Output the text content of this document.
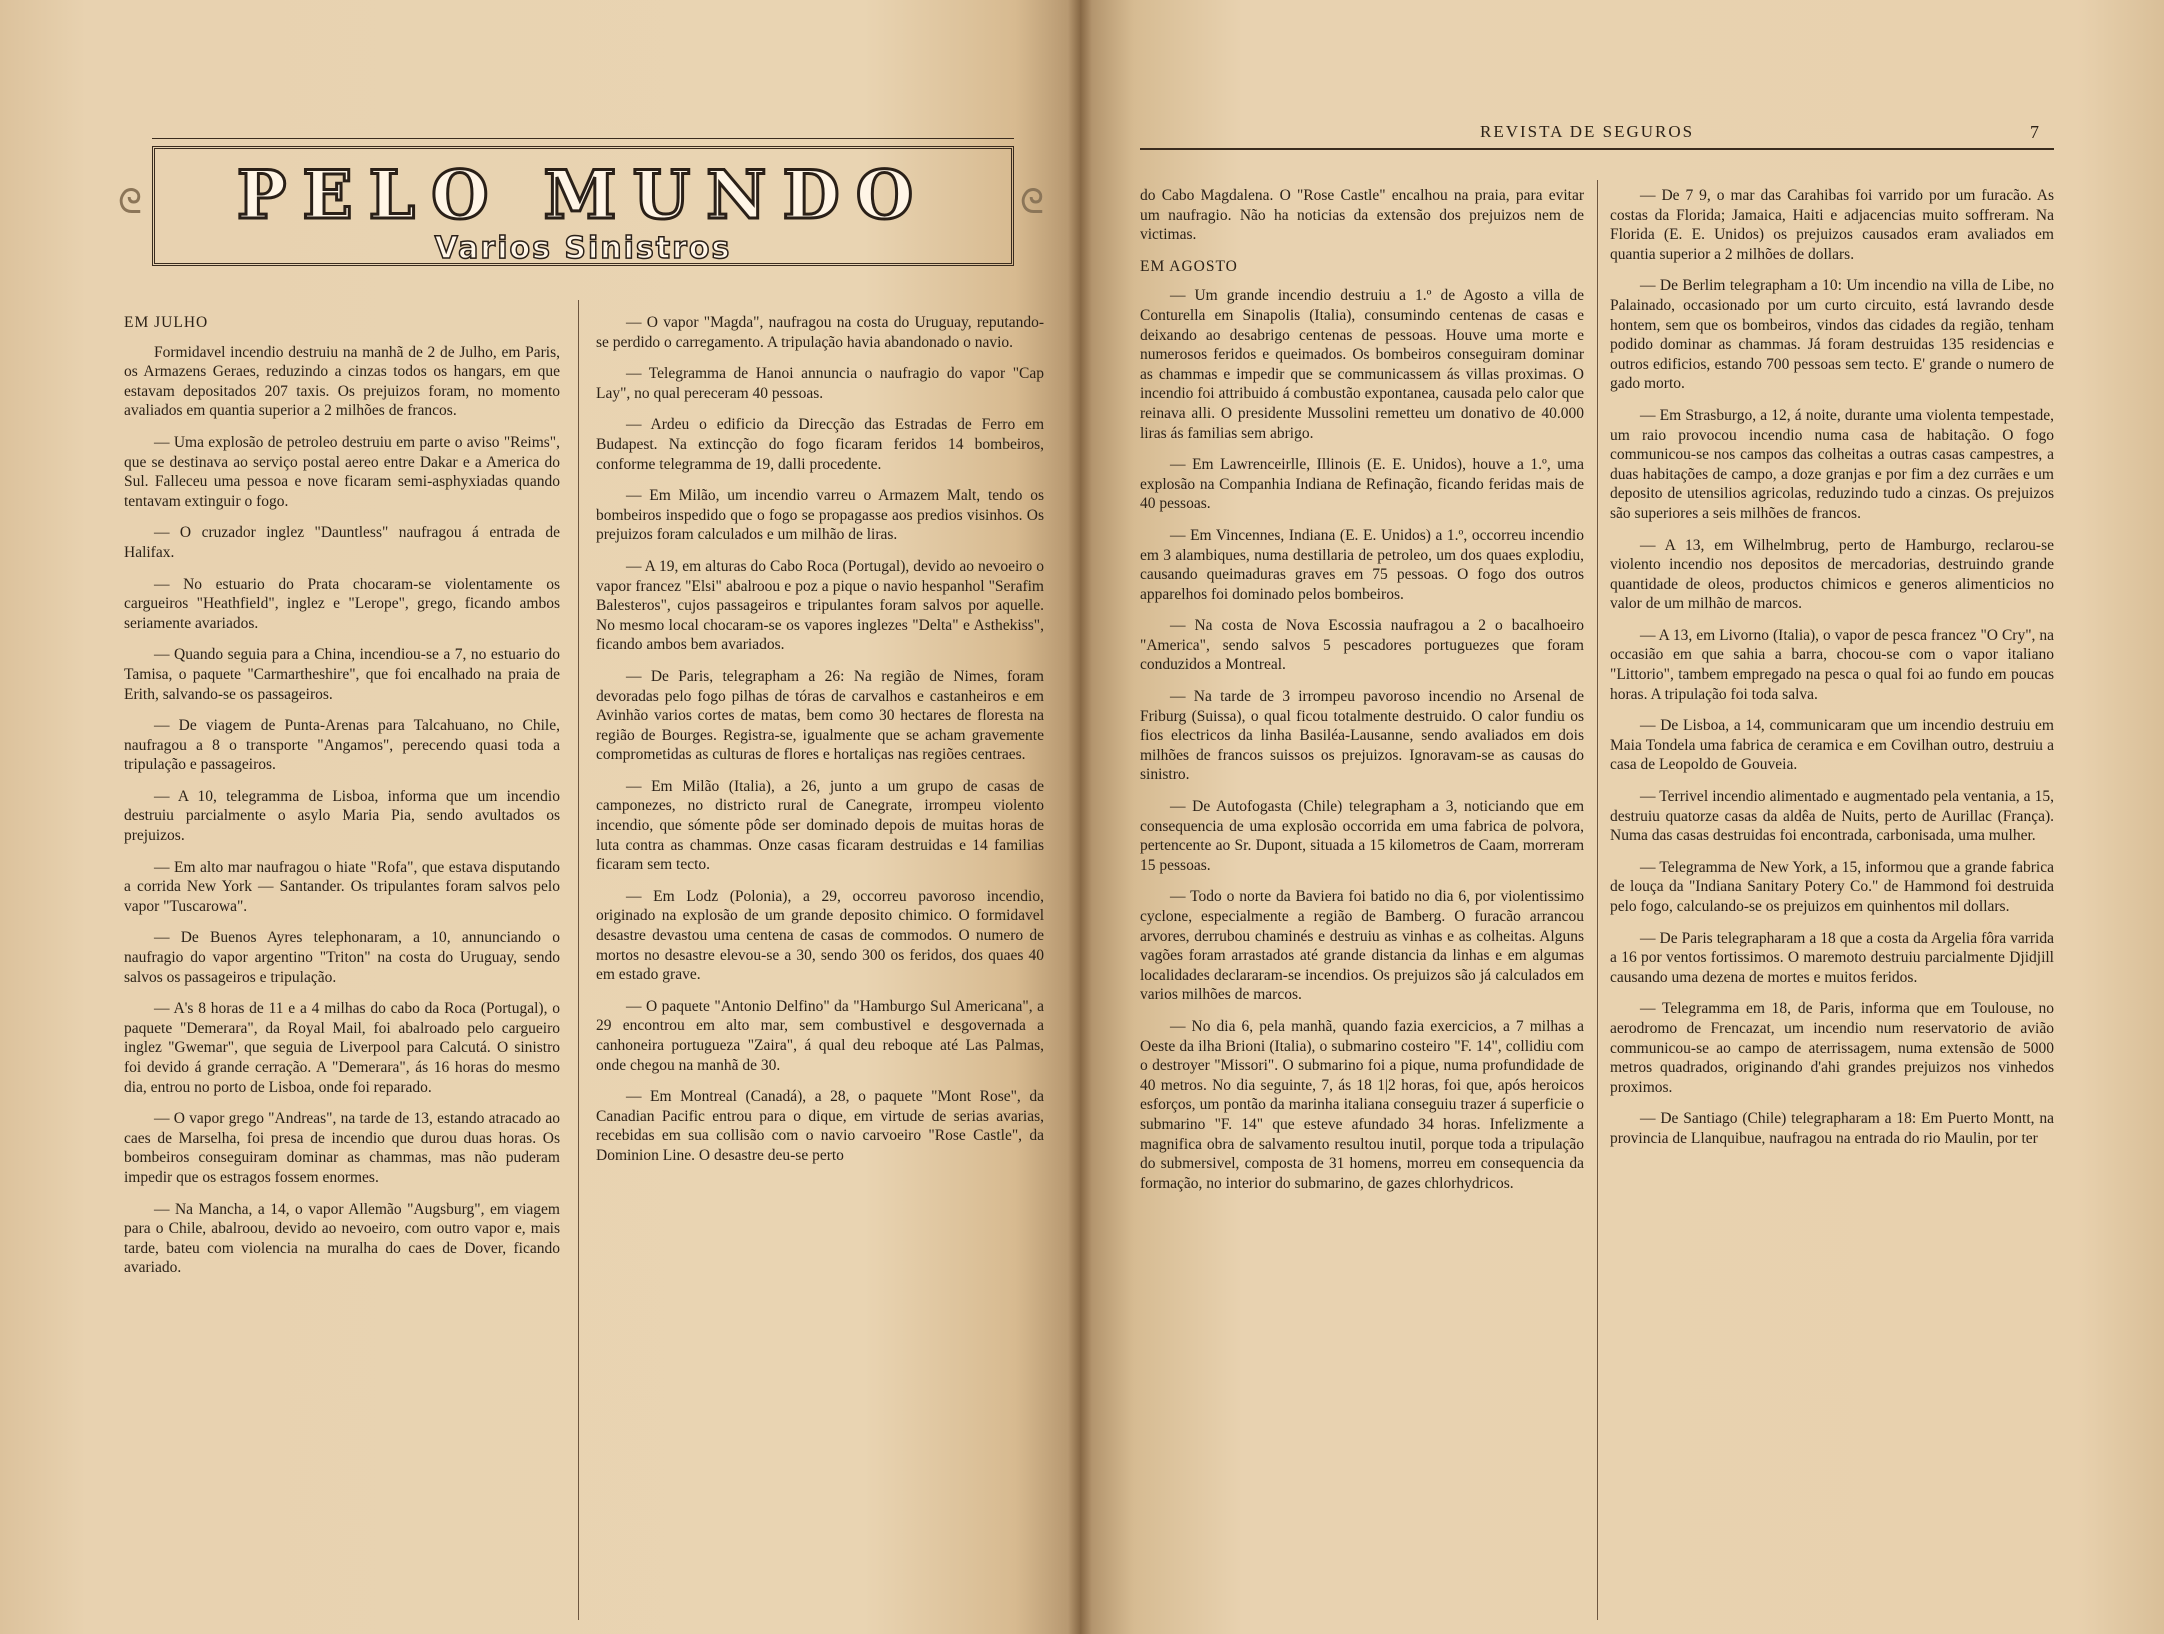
PELO MUNDO
Varios Sinistros
ᘓ	ᘓ
EM JULHO

Formidavel incendio destruiu na manhã de 2 de Julho, em Paris, os Armazens Geraes, reduzindo a cinzas todos os hangars, em que estavam depositados 207 taxis. Os prejuizos foram, no momento avaliados em quantia superior a 2 milhões de francos.

— Uma explosão de petroleo destruiu em parte o aviso "Reims", que se destinava ao serviço postal aereo entre Dakar e a America do Sul. Falleceu uma pessoa e nove ficaram semi-asphyxiadas quando tentavam extinguir o fogo.

— O cruzador inglez "Dauntless" naufragou á entrada de Halifax.

— No estuario do Prata chocaram-se violentamente os cargueiros "Heathfield", inglez e "Lerope", grego, ficando ambos seriamente avariados.

— Quando seguia para a China, incendiou-se a 7, no estuario do Tamisa, o paquete "Carmartheshire", que foi encalhado na praia de Erith, salvando-se os passageiros.

— De viagem de Punta-Arenas para Talcahuano, no Chile, naufragou a 8 o transporte "Angamos", perecendo quasi toda a tripulação e passageiros.

— A 10, telegramma de Lisboa, informa que um incendio destruiu parcialmente o asylo Maria Pia, sendo avultados os prejuizos.

— Em alto mar naufragou o hiate "Rofa", que estava disputando a corrida New York — Santander. Os tripulantes foram salvos pelo vapor "Tuscarowa".

— De Buenos Ayres telephonaram, a 10, annunciando o naufragio do vapor argentino "Triton" na costa do Uruguay, sendo salvos os passageiros e tripulação.

— A's 8 horas de 11 e a 4 milhas do cabo da Roca (Portugal), o paquete "Demerara", da Royal Mail, foi abalroado pelo cargueiro inglez "Gwemar", que seguia de Liverpool para Calcutá. O sinistro foi devido á grande cerração. A "Demerara", ás 16 horas do mesmo dia, entrou no porto de Lisboa, onde foi reparado.

— O vapor grego "Andreas", na tarde de 13, estando atracado ao caes de Marselha, foi presa de incendio que durou duas horas. Os bombeiros conseguiram dominar as chammas, mas não puderam impedir que os estragos fossem enormes.

— Na Mancha, a 14, o vapor Allemão "Augsburg", em viagem para o Chile, abalroou, devido ao nevoeiro, com outro vapor e, mais tarde, bateu com violencia na muralha do caes de Dover, ficando avariado.

— O vapor "Magda", naufragou na costa do Uruguay, reputando-se perdido o carregamento. A tripulação havia abandonado o navio.

— Telegramma de Hanoi annuncia o naufragio do vapor "Cap Lay", no qual pereceram 40 pessoas.

— Ardeu o edificio da Direcção das Estradas de Ferro em Budapest. Na extincção do fogo ficaram feridos 14 bombeiros, conforme telegramma de 19, dalli procedente.

— Em Milão, um incendio varreu o Armazem Malt, tendo os bombeiros inspedido que o fogo se propagasse aos predios visinhos. Os prejuizos foram calculados e um milhão de liras.

— A 19, em alturas do Cabo Roca (Portugal), devido ao nevoeiro o vapor francez "Elsi" abalroou e poz a pique o navio hespanhol "Serafim Balesteros", cujos passageiros e tripulantes foram salvos por aquelle. No mesmo local chocaram-se os vapores inglezes "Delta" e Asthekiss", ficando ambos bem avariados.

— De Paris, telegrapham a 26: Na região de Nimes, foram devoradas pelo fogo pilhas de tóras de carvalhos e castanheiros e em Avinhão varios cortes de matas, bem como 30 hectares de floresta na região de Bourges. Registra-se, igualmente que se acham gravemente comprometidas as culturas de flores e hortaliças nas regiões centraes.

— Em Milão (Italia), a 26, junto a um grupo de casas de camponezes, no districto rural de Canegrate, irrompeu violento incendio, que sómente pôde ser dominado depois de muitas horas de luta contra as chammas. Onze casas ficaram destruidas e 14 familias ficaram sem tecto.

— Em Lodz (Polonia), a 29, occorreu pavoroso incendio, originado na explosão de um grande deposito chimico. O formidavel desastre devastou uma centena de casas de commodos. O numero de mortos no desastre elevou-se a 30, sendo 300 os feridos, dos quaes 40 em estado grave.

— O paquete "Antonio Delfino" da "Hamburgo Sul Americana", a 29 encontrou em alto mar, sem combustivel e desgovernada a canhoneira portugueza "Zaira", á qual deu reboque até Las Palmas, onde chegou na manhã de 30.

— Em Montreal (Canadá), a 28, o paquete "Mont Rose", da Canadian Pacific entrou para o dique, em virtude de serias avarias, recebidas em sua collisão com o navio carvoeiro "Rose Castle", da Dominion Line. O desastre deu-se perto

REVISTA DE SEGUROS	7

do Cabo Magdalena. O "Rose Castle" encalhou na praia, para evitar um naufragio. Não ha noticias da extensão dos prejuizos nem de victimas.

EM AGOSTO

— Um grande incendio destruiu a 1.º de Agosto a villa de Conturella em Sinapolis (Italia), consumindo centenas de casas e deixando ao desabrigo centenas de pessoas. Houve uma morte e numerosos feridos e queimados. Os bombeiros conseguiram dominar as chammas e impedir que se communicassem ás villas proximas. O incendio foi attribuido á combustão expontanea, causada pelo calor que reinava alli. O presidente Mussolini remetteu um donativo de 40.000 liras ás familias sem abrigo.

— Em Lawrenceirlle, Illinois (E. E. Unidos), houve a 1.º, uma explosão na Companhia Indiana de Refinação, ficando feridas mais de 40 pessoas.

— Em Vincennes, Indiana (E. E. Unidos) a 1.º, occorreu incendio em 3 alambiques, numa destillaria de petroleo, um dos quaes explodiu, causando queimaduras graves em 75 pessoas. O fogo dos outros apparelhos foi dominado pelos bombeiros.

— Na costa de Nova Escossia naufragou a 2 o bacalhoeiro "America", sendo salvos 5 pescadores portuguezes que foram conduzidos a Montreal.

— Na tarde de 3 irrompeu pavoroso incendio no Arsenal de Friburg (Suissa), o qual ficou totalmente destruido. O calor fundiu os fios electricos da linha Basiléa-Lausanne, sendo avaliados em dois milhões de francos suissos os prejuizos. Ignoravam-se as causas do sinistro.

— De Autofogasta (Chile) telegrapham a 3, noticiando que em consequencia de uma explosão occorrida em uma fabrica de polvora, pertencente ao Sr. Dupont, situada a 15 kilometros de Caam, morreram 15 pessoas.

— Todo o norte da Baviera foi batido no dia 6, por violentissimo cyclone, especialmente a região de Bamberg. O furacão arrancou arvores, derrubou chaminés e destruiu as vinhas e as colheitas. Alguns vagões foram arrastados até grande distancia da linhas e em algumas localidades declararam-se incendios. Os prejuizos são já calculados em varios milhões de marcos.

— No dia 6, pela manhã, quando fazia exercicios, a 7 milhas a Oeste da ilha Brioni (Italia), o submarino costeiro "F. 14", collidiu com o destroyer "Missori". O submarino foi a pique, numa profundidade de 40 metros. No dia seguinte, 7, ás 18 1|2 horas, foi que, após heroicos esforços, um pontão da marinha italiana conseguiu trazer á superficie o submarino "F. 14" que esteve afundado 34 horas. Infelizmente a magnifica obra de salvamento resultou inutil, porque toda a tripulação do submersivel, composta de 31 homens, morreu em consequencia da formação, no interior do submarino, de gazes chlorhydricos.

— De 7 9, o mar das Carahibas foi varrido por um furacão. As costas da Florida; Jamaica, Haiti e adjacencias muito soffreram. Na Florida (E. E. Unidos) os prejuizos causados eram avaliados em quantia superior a 2 milhões de dollars.

— De Berlim telegrapham a 10: Um incendio na villa de Libe, no Palainado, occasionado por um curto circuito, está lavrando desde hontem, sem que os bombeiros, vindos das cidades da região, tenham podido dominar as chammas. Já foram destruidas 135 residencias e outros edificios, estando 700 pessoas sem tecto. E' grande o numero de gado morto.

— Em Strasburgo, a 12, á noite, durante uma violenta tempestade, um raio provocou incendio numa casa de habitação. O fogo communicou-se nos campos das colheitas a outras casas campestres, a duas habitações de campo, a doze granjas e por fim a dez currães e um deposito de utensilios agricolas, reduzindo tudo a cinzas. Os prejuizos são superiores a seis milhões de francos.

— A 13, em Wilhelmbrug, perto de Hamburgo, reclarou-se violento incendio nos depositos de mercadorias, destruindo grande quantidade de oleos, productos chimicos e generos alimenticios no valor de um milhão de marcos.

— A 13, em Livorno (Italia), o vapor de pesca francez "O Cry", na occasião em que sahia a barra, chocou-se com o vapor italiano "Littorio", tambem empregado na pesca o qual foi ao fundo em poucas horas. A tripulação foi toda salva.

— De Lisboa, a 14, communicaram que um incendio destruiu em Maia Tondela uma fabrica de ceramica e em Covilhan outro, destruiu a casa de Leopoldo de Gouveia.

— Terrivel incendio alimentado e augmentado pela ventania, a 15, destruiu quatorze casas da aldêa de Nuits, perto de Aurillac (França). Numa das casas destruidas foi encontrada, carbonisada, uma mulher.

— Telegramma de New York, a 15, informou que a grande fabrica de louça da "Indiana Sanitary Potery Co." de Hammond foi destruida pelo fogo, calculando-se os prejuizos em quinhentos mil dollars.

— De Paris telegrapharam a 18 que a costa da Argelia fôra varrida a 16 por ventos fortissimos. O maremoto destruiu parcialmente Djidjill causando uma dezena de mortes e muitos feridos.

— Telegramma em 18, de Paris, informa que em Toulouse, no aerodromo de Frencazat, um incendio num reservatorio de avião communicou-se ao campo de aterrissagem, numa extensão de 5000 metros quadrados, originando d'ahi grandes prejuizos nos vinhedos proximos.

— De Santiago (Chile) telegrapharam a 18: Em Puerto Montt, na provincia de Llanquibue, naufragou na entrada do rio Maulin, por ter
